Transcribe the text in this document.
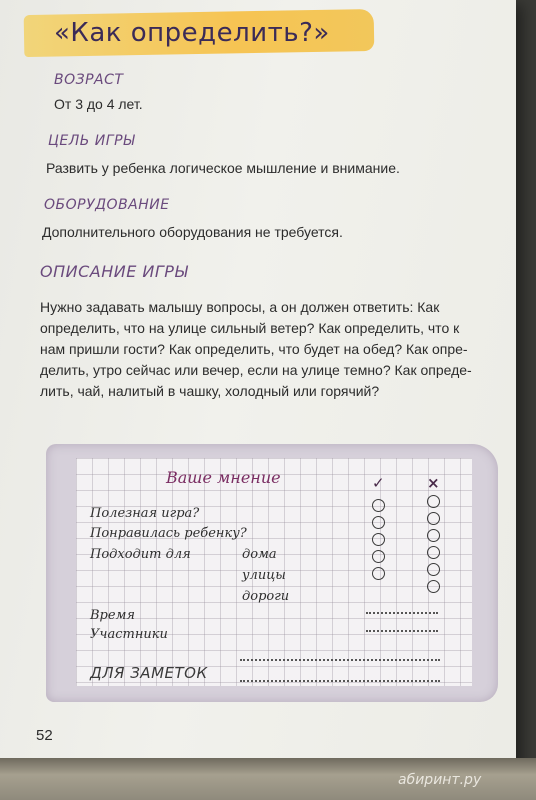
«Как определить?»
ВОЗРАСТ
От 3 до 4 лет.
ЦЕЛЬ ИГРЫ
Развить у ребенка логическое мышление и внимание.
ОБОРУДОВАНИЕ
Дополнительного оборудования не требуется.
ОПИСАНИЕ ИГРЫ
Нужно задавать малышу вопросы, а он должен ответить: Как
определить, что на улице сильный ветер? Как определить, что к
нам пришли гости? Как определить, что будет на обед? Как опре-
делить, утро сейчас или вечер, если на улице темно? Как опреде-
лить, чай, налитый в чашку, холодный или горячий?
Ваше мнение	✓	×
Полезная игра?
Понравилась ребенку?
Подходит для	дома
улицы
дороги
Время
Участники
ДЛЯ ЗАМЕТОК
52
абиринт.ру
